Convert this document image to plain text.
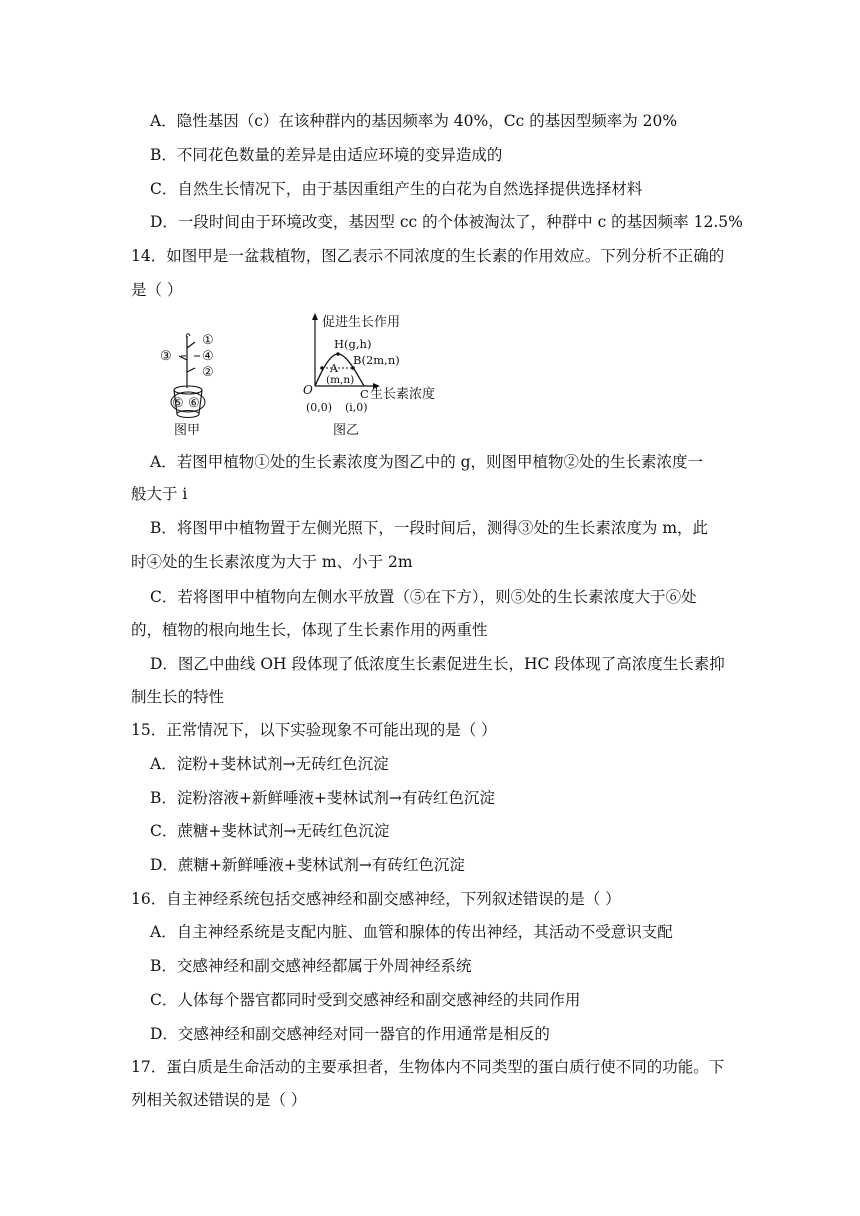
A．隐性基因（c）在该种群内的基因频率为 40%，Cc 的基因型频率为 20%
B．不同花色数量的差异是由适应环境的变异造成的
C．自然生长情况下，由于基因重组产生的白花为自然选择提供选择材料
D．一段时间由于环境改变，基因型 cc 的个体被淘汰了，种群中 c 的基因频率 12.5%
14．如图甲是一盆栽植物，图乙表示不同浓度的生长素的作用效应。下列分析不正确的
是（ ）
①
④
③
②
⑤ ⑥
图甲
促进生长作用
H(g,h)
B(2m,n)
A
(m,n)
O	C 生长素浓度
(0,0) (i,0)
图乙
A．若图甲植物①处的生长素浓度为图乙中的 g，则图甲植物②处的生长素浓度一
般大于 i
B．将图甲中植物置于左侧光照下，一段时间后，测得③处的生长素浓度为 m，此
时④处的生长素浓度为大于 m、小于 2m
C．若将图甲中植物向左侧水平放置（⑤在下方），则⑤处的生长素浓度大于⑥处
的，植物的根向地生长，体现了生长素作用的两重性
D．图乙中曲线 OH 段体现了低浓度生长素促进生长，HC 段体现了高浓度生长素抑
制生长的特性
15．正常情况下，以下实验现象不可能出现的是（ ）
A．淀粉+斐林试剂→无砖红色沉淀
B．淀粉溶液+新鲜唾液+斐林试剂→有砖红色沉淀
C．蔗糖+斐林试剂→无砖红色沉淀
D．蔗糖+新鲜唾液+斐林试剂→有砖红色沉淀
16．自主神经系统包括交感神经和副交感神经，下列叙述错误的是（ ）
A．自主神经系统是支配内脏、血管和腺体的传出神经，其活动不受意识支配
B．交感神经和副交感神经都属于外周神经系统
C．人体每个器官都同时受到交感神经和副交感神经的共同作用
D．交感神经和副交感神经对同一器官的作用通常是相反的
17．蛋白质是生命活动的主要承担者，生物体内不同类型的蛋白质行使不同的功能。下
列相关叙述错误的是（ ）
